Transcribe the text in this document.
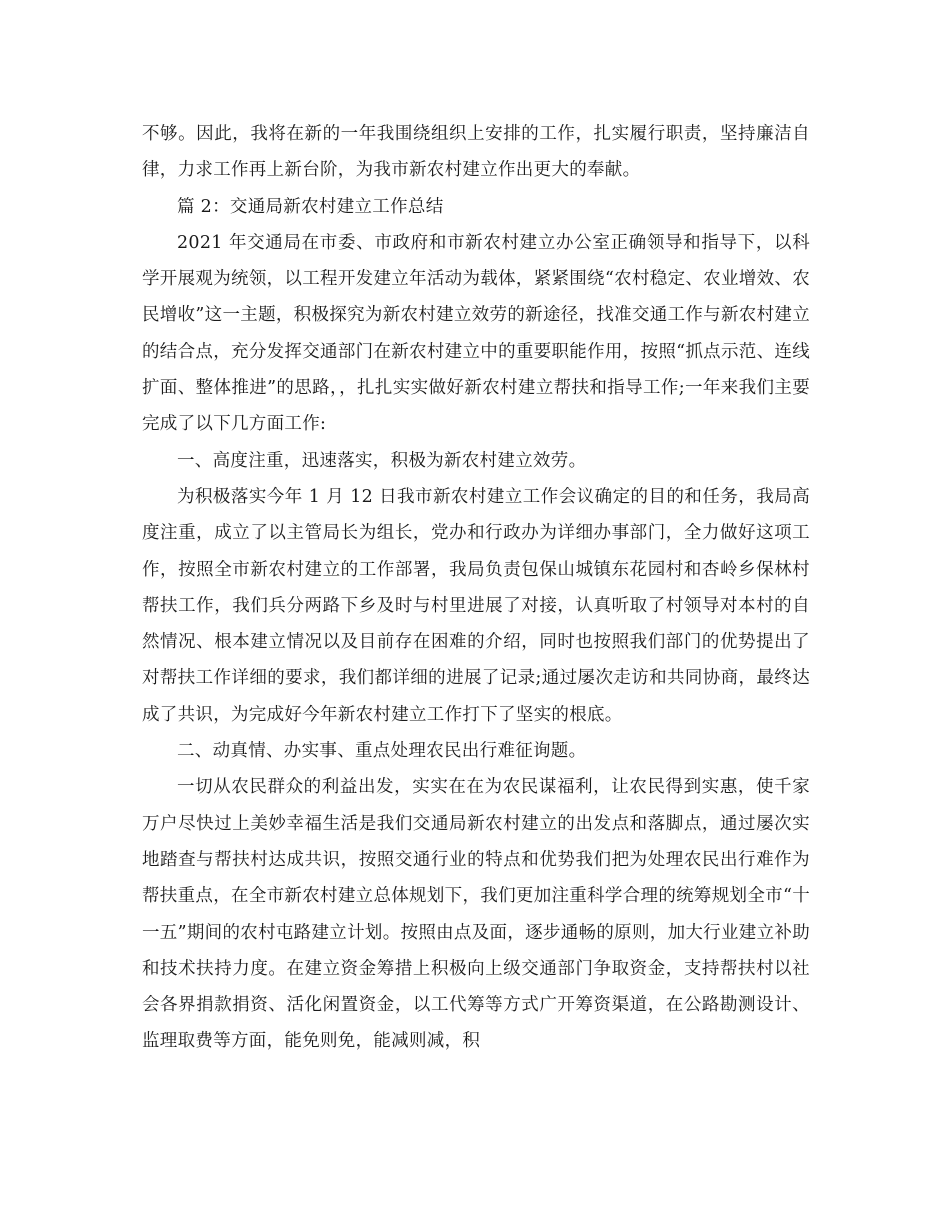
不够。因此，我将在新的一年我围绕组织上安排的工作，扎实履行职责，坚持廉洁自律，力求工作再上新台阶，为我市新农村建立作出更大的奉献。

篇 2：交通局新农村建立工作总结

2021 年交通局在市委、市政府和市新农村建立办公室正确领导和指导下，以科学开展观为统领，以工程开发建立年活动为载体，紧紧围绕“农村稳定、农业增效、农民增收”这一主题，积极探究为新农村建立效劳的新途径，找准交通工作与新农村建立的结合点，充分发挥交通部门在新农村建立中的重要职能作用，按照“抓点示范、连线扩面、整体推进”的思路，，扎扎实实做好新农村建立帮扶和指导工作;一年来我们主要完成了以下几方面工作:

一、高度注重，迅速落实，积极为新农村建立效劳。

为积极落实今年 1 月 12 日我市新农村建立工作会议确定的目的和任务，我局高度注重，成立了以主管局长为组长，党办和行政办为详细办事部门，全力做好这项工作，按照全市新农村建立的工作部署，我局负责包保山城镇东花园村和杏岭乡保林村帮扶工作，我们兵分两路下乡及时与村里进展了对接，认真听取了村领导对本村的自然情况、根本建立情况以及目前存在困难的介绍，同时也按照我们部门的优势提出了对帮扶工作详细的要求，我们都详细的进展了记录;通过屡次走访和共同协商，最终达成了共识，为完成好今年新农村建立工作打下了坚实的根底。

二、动真情、办实事、重点处理农民出行难征询题。

一切从农民群众的利益出发，实实在在为农民谋福利，让农民得到实惠，使千家万户尽快过上美妙幸福生活是我们交通局新农村建立的出发点和落脚点，通过屡次实地踏查与帮扶村达成共识，按照交通行业的特点和优势我们把为处理农民出行难作为帮扶重点，在全市新农村建立总体规划下，我们更加注重科学合理的统筹规划全市“十一五”期间的农村屯路建立计划。按照由点及面，逐步通畅的原则，加大行业建立补助和技术扶持力度。在建立资金筹措上积极向上级交通部门争取资金，支持帮扶村以社会各界捐款捐资、活化闲置资金，以工代筹等方式广开筹资渠道，在公路勘测设计、监理取费等方面，能免则免，能减则减，积
